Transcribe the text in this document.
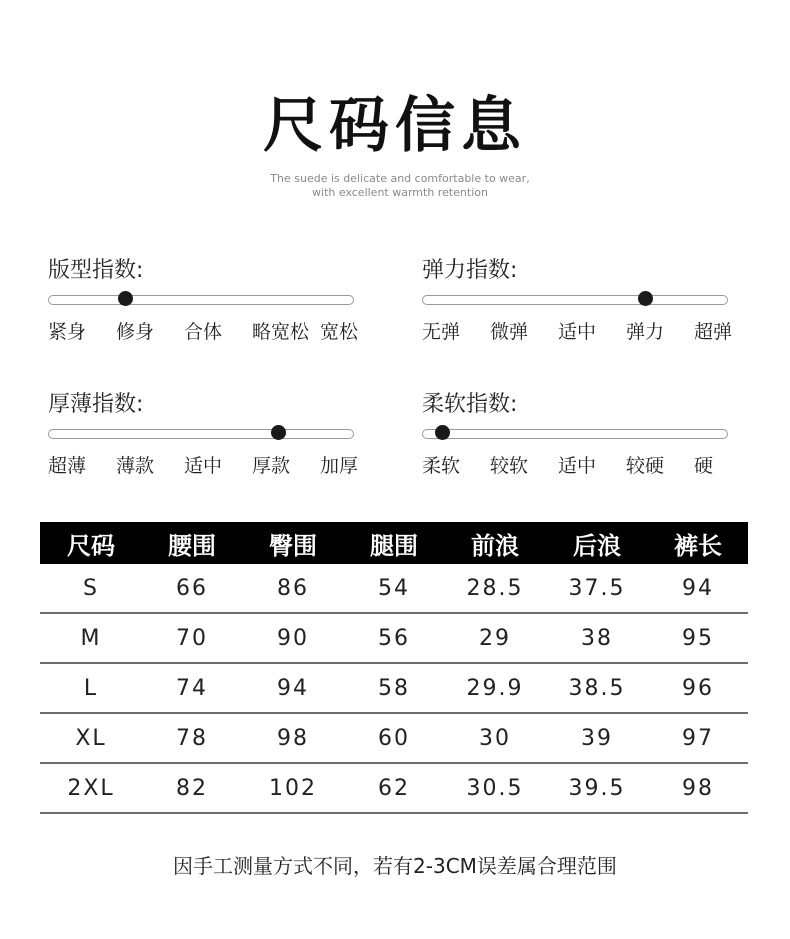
尺码信息
The suede is delicate and comfortable to wear,
with excellent warmth retention
版型指数:
紧身 修身 合体 略宽松 宽松
弹力指数:
无弹 微弹 适中 弹力 超弹
厚薄指数:
超薄 薄款 适中 厚款 加厚
柔软指数:
柔软 较软 适中 较硬 硬
尺码	腰围	臀围	腿围	前浪	后浪	裤长
S	66	86	54	28.5	37.5	94
M	70	90	56	29	38	95
L	74	94	58	29.9	38.5	96
XL	78	98	60	30	39	97
2XL	82	102	62	30.5	39.5	98
因手工测量方式不同，若有2-3CM误差属合理范围
